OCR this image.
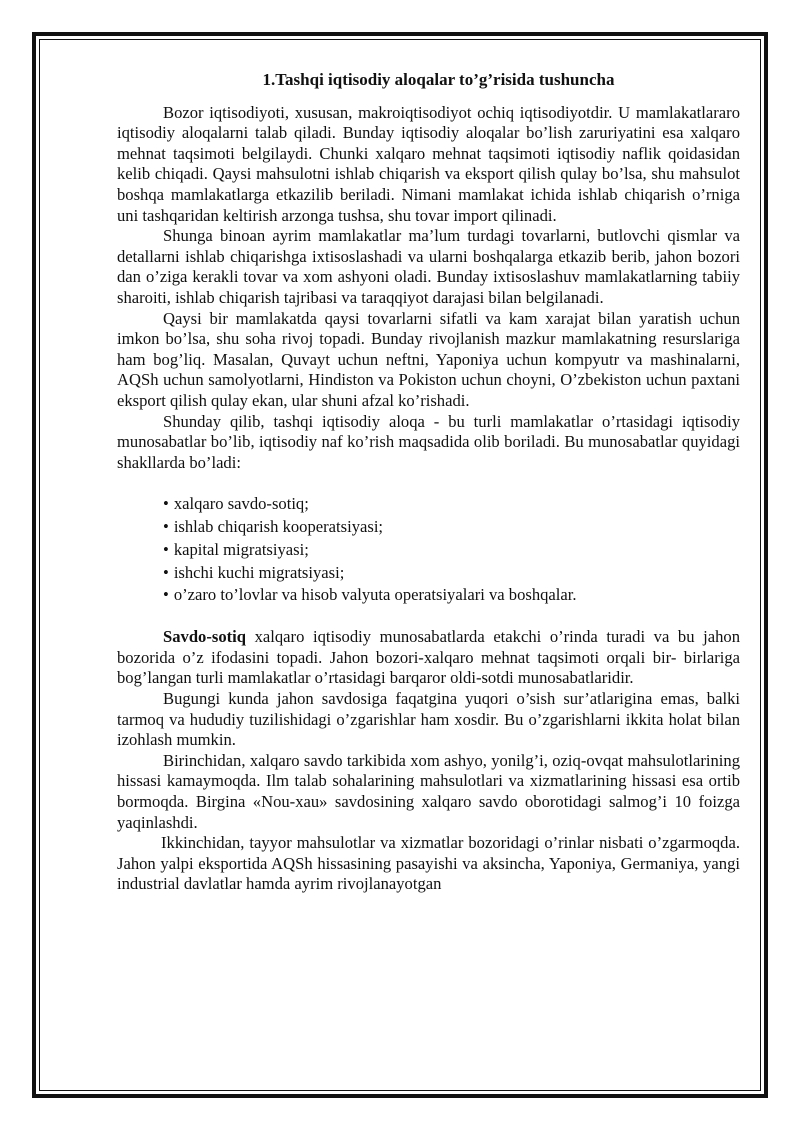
1.Tashqi iqtisodiy aloqalar to’g’risida tushuncha

Bozor iqtisodiyoti, xususan, makroiqtisodiyot ochiq iqtisodiyotdir. U mamlakatlararo iqtisodiy aloqalarni talab qiladi. Bunday iqtisodiy aloqalar bo’lish zaruriyatini esa xalqaro mehnat taqsimoti belgilaydi. Chunki xalqaro mehnat taqsimoti iqtisodiy naflik qoidasidan kelib chiqadi. Qaysi mahsulotni ishlab chiqarish va eksport qilish qulay bo’lsa, shu mahsulot boshqa mamlakatlarga etkazilib beriladi. Nimani mamlakat ichida ishlab chiqarish o’rniga uni tashqaridan keltirish arzonga tushsa, shu tovar import qilinadi.

Shunga binoan ayrim mamlakatlar ma’lum turdagi tovarlarni, butlovchi qismlar va detallarni ishlab chiqarishga ixtisoslashadi va ularni boshqalarga etkazib berib, jahon bozori dan o’ziga kerakli tovar va xom ashyoni oladi. Bunday ixtisoslashuv mamlakatlarning tabiiy sharoiti, ishlab chiqarish tajribasi va taraqqiyot darajasi bilan belgilanadi.

Qaysi bir mamlakatda qaysi tovarlarni sifatli va kam xarajat bilan yaratish uchun imkon bo’lsa, shu soha rivoj topadi. Bunday rivojlanish mazkur mamlakatning resurslariga ham bog’liq. Masalan, Quvayt uchun neftni, Yaponiya uchun kompyutr va mashinalarni, AQSh uchun samolyotlarni, Hindiston va Pokiston uchun choyni, O’zbekiston uchun paxtani eksport qilish qulay ekan, ular shuni afzal ko’rishadi.

Shunday qilib, tashqi iqtisodiy aloqa - bu turli mamlakatlar o’rtasidagi iqtisodiy munosabatlar bo’lib, iqtisodiy naf ko’rish maqsadida olib boriladi. Bu munosabatlar quyidagi shakllarda bo’ladi:

• xalqaro savdo-sotiq;
• ishlab chiqarish kooperatsiyasi;
• kapital migratsiyasi;
• ishchi kuchi migratsiyasi;
• o’zaro to’lovlar va hisob valyuta operatsiyalari va boshqalar.

Savdo-sotiq xalqaro iqtisodiy munosabatlarda etakchi o’rinda turadi va bu jahon bozorida o’z ifodasini topadi. Jahon bozori-xalqaro mehnat taqsimoti orqali bir- birlariga bog’langan turli mamlakatlar o’rtasidagi barqaror oldi-sotdi munosabatlaridir.

Bugungi kunda jahon savdosiga faqatgina yuqori o’sish sur’atlarigina emas, balki tarmoq va hududiy tuzilishidagi o’zgarishlar ham xosdir. Bu o’zgarishlarni ikkita holat bilan izohlash mumkin.

Birinchidan, xalqaro savdo tarkibida xom ashyo, yonilg’i, oziq-ovqat mahsulotlarining hissasi kamaymoqda. Ilm talab sohalarining mahsulotlari va xizmatlarining hissasi esa ortib bormoqda. Birgina «Nou-xau» savdosining xalqaro savdo oborotidagi salmog’i 10 foizga yaqinlashdi.

Ikkinchidan, tayyor mahsulotlar va xizmatlar bozoridagi o’rinlar nisbati o’zgarmoqda. Jahon yalpi eksportida AQSh hissasining pasayishi va aksincha, Yaponiya, Germaniya, yangi industrial davlatlar hamda ayrim rivojlanayotgan
